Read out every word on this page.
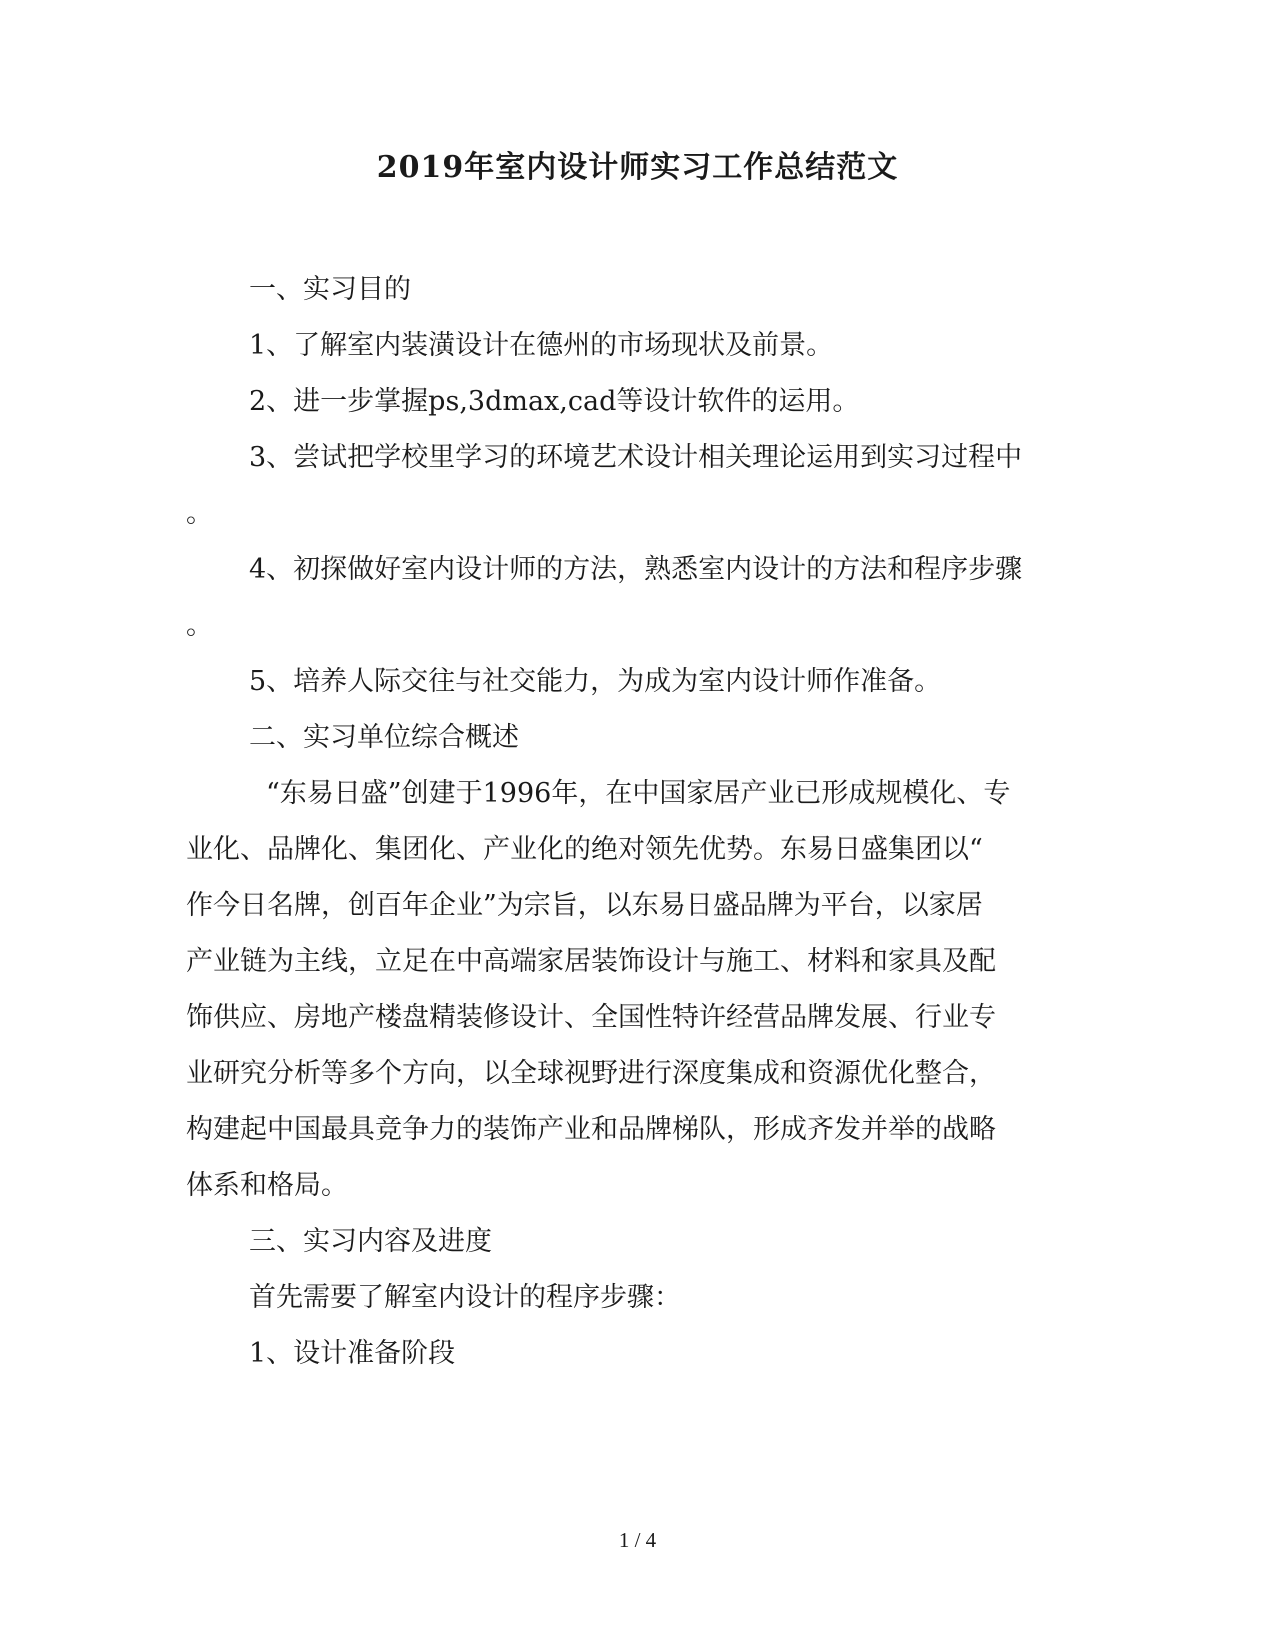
2019年室内设计师实习工作总结范文
一、实习目的
1、了解室内装潢设计在德州的市场现状及前景。
2、进一步掌握ps,3dmax,cad等设计软件的运用。
3、尝试把学校里学习的环境艺术设计相关理论运用到实习过程中
。
4、初探做好室内设计师的方法，熟悉室内设计的方法和程序步骤
。
5、培养人际交往与社交能力，为成为室内设计师作准备。
二、实习单位综合概述
“东易日盛”创建于1996年，在中国家居产业已形成规模化、专
业化、品牌化、集团化、产业化的绝对领先优势。东易日盛集团以“
作今日名牌，创百年企业”为宗旨，以东易日盛品牌为平台，以家居
产业链为主线，立足在中高端家居装饰设计与施工、材料和家具及配
饰供应、房地产楼盘精装修设计、全国性特许经营品牌发展、行业专
业研究分析等多个方向，以全球视野进行深度集成和资源优化整合，
构建起中国最具竞争力的装饰产业和品牌梯队，形成齐发并举的战略
体系和格局。
三、实习内容及进度
首先需要了解室内设计的程序步骤：
1、设计准备阶段
1 / 4
